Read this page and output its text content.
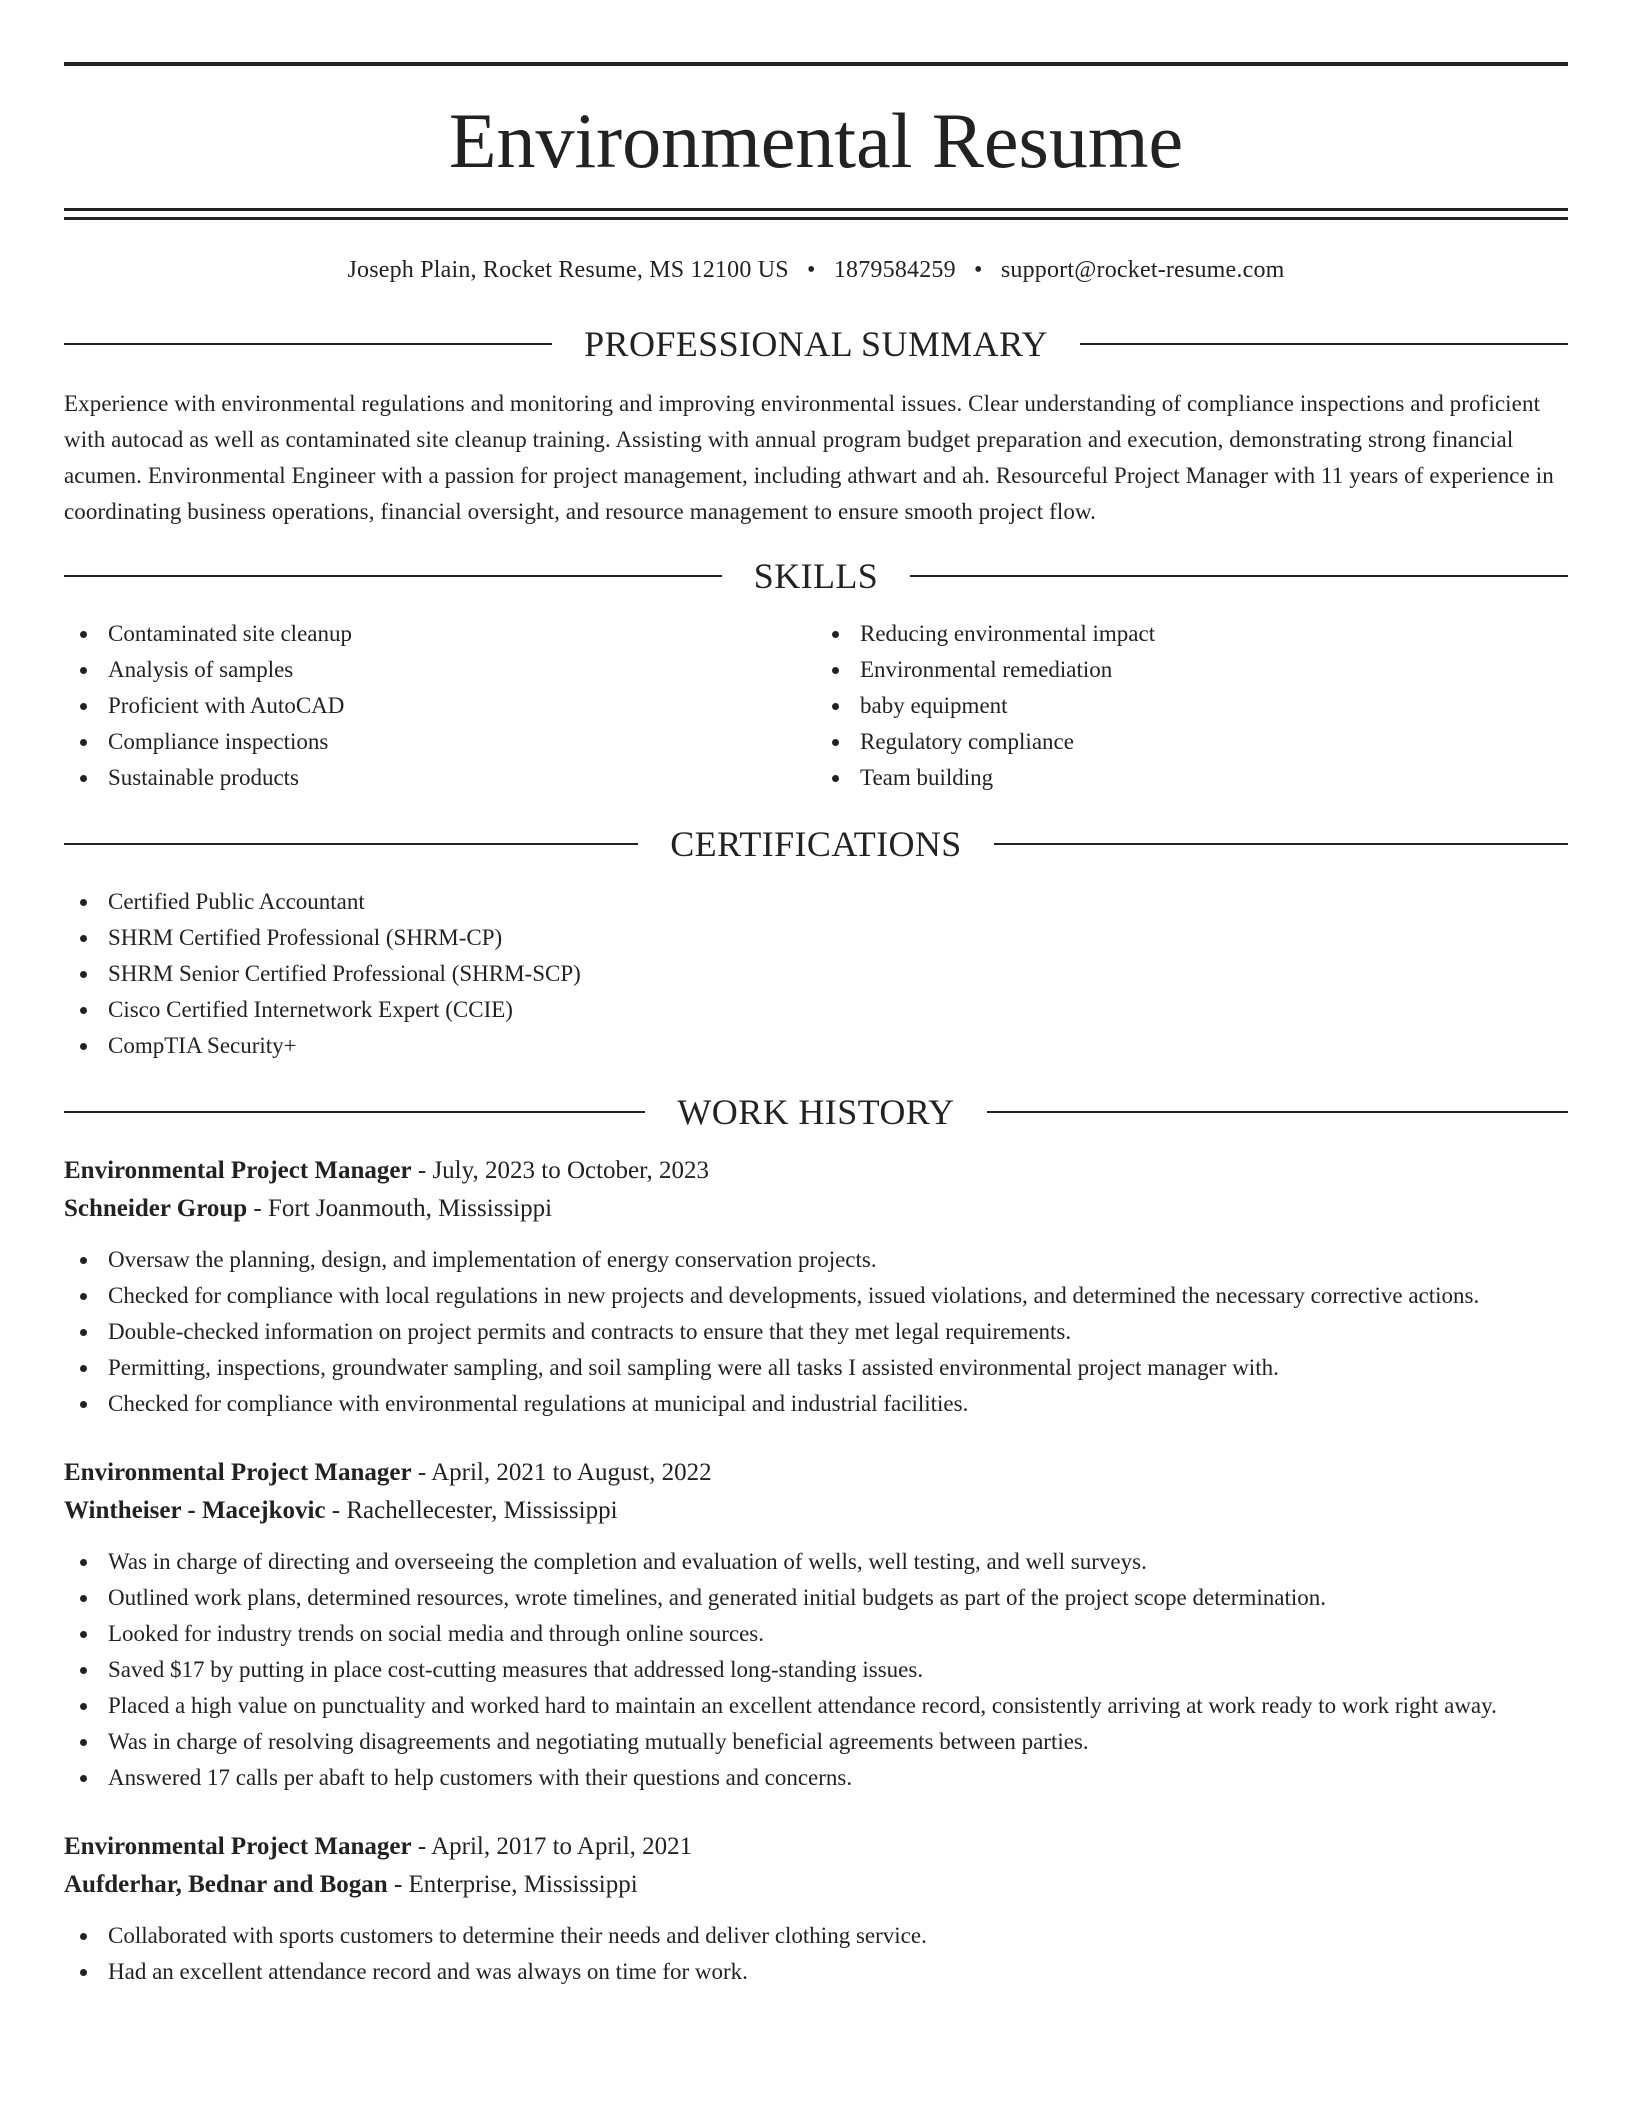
Environmental Resume
Joseph Plain, Rocket Resume, MS 12100 US • 1879584259 • support@rocket-resume.com
PROFESSIONAL SUMMARY
Experience with environmental regulations and monitoring and improving environmental issues. Clear understanding of compliance inspections and proficient with autocad as well as contaminated site cleanup training. Assisting with annual program budget preparation and execution, demonstrating strong financial acumen. Environmental Engineer with a passion for project management, including athwart and ah. Resourceful Project Manager with 11 years of experience in coordinating business operations, financial oversight, and resource management to ensure smooth project flow.
SKILLS
Contaminated site cleanup
Analysis of samples
Proficient with AutoCAD
Compliance inspections
Sustainable products
Reducing environmental impact
Environmental remediation
baby equipment
Regulatory compliance
Team building
CERTIFICATIONS
Certified Public Accountant
SHRM Certified Professional (SHRM-CP)
SHRM Senior Certified Professional (SHRM-SCP)
Cisco Certified Internetwork Expert (CCIE)
CompTIA Security+
WORK HISTORY
Environmental Project Manager - July, 2023 to October, 2023
Schneider Group - Fort Joanmouth, Mississippi
Oversaw the planning, design, and implementation of energy conservation projects.
Checked for compliance with local regulations in new projects and developments, issued violations, and determined the necessary corrective actions.
Double-checked information on project permits and contracts to ensure that they met legal requirements.
Permitting, inspections, groundwater sampling, and soil sampling were all tasks I assisted environmental project manager with.
Checked for compliance with environmental regulations at municipal and industrial facilities.
Environmental Project Manager - April, 2021 to August, 2022
Wintheiser - Macejkovic - Rachellecester, Mississippi
Was in charge of directing and overseeing the completion and evaluation of wells, well testing, and well surveys.
Outlined work plans, determined resources, wrote timelines, and generated initial budgets as part of the project scope determination.
Looked for industry trends on social media and through online sources.
Saved $17 by putting in place cost-cutting measures that addressed long-standing issues.
Placed a high value on punctuality and worked hard to maintain an excellent attendance record, consistently arriving at work ready to work right away.
Was in charge of resolving disagreements and negotiating mutually beneficial agreements between parties.
Answered 17 calls per abaft to help customers with their questions and concerns.
Environmental Project Manager - April, 2017 to April, 2021
Aufderhar, Bednar and Bogan - Enterprise, Mississippi
Collaborated with sports customers to determine their needs and deliver clothing service.
Had an excellent attendance record and was always on time for work.
